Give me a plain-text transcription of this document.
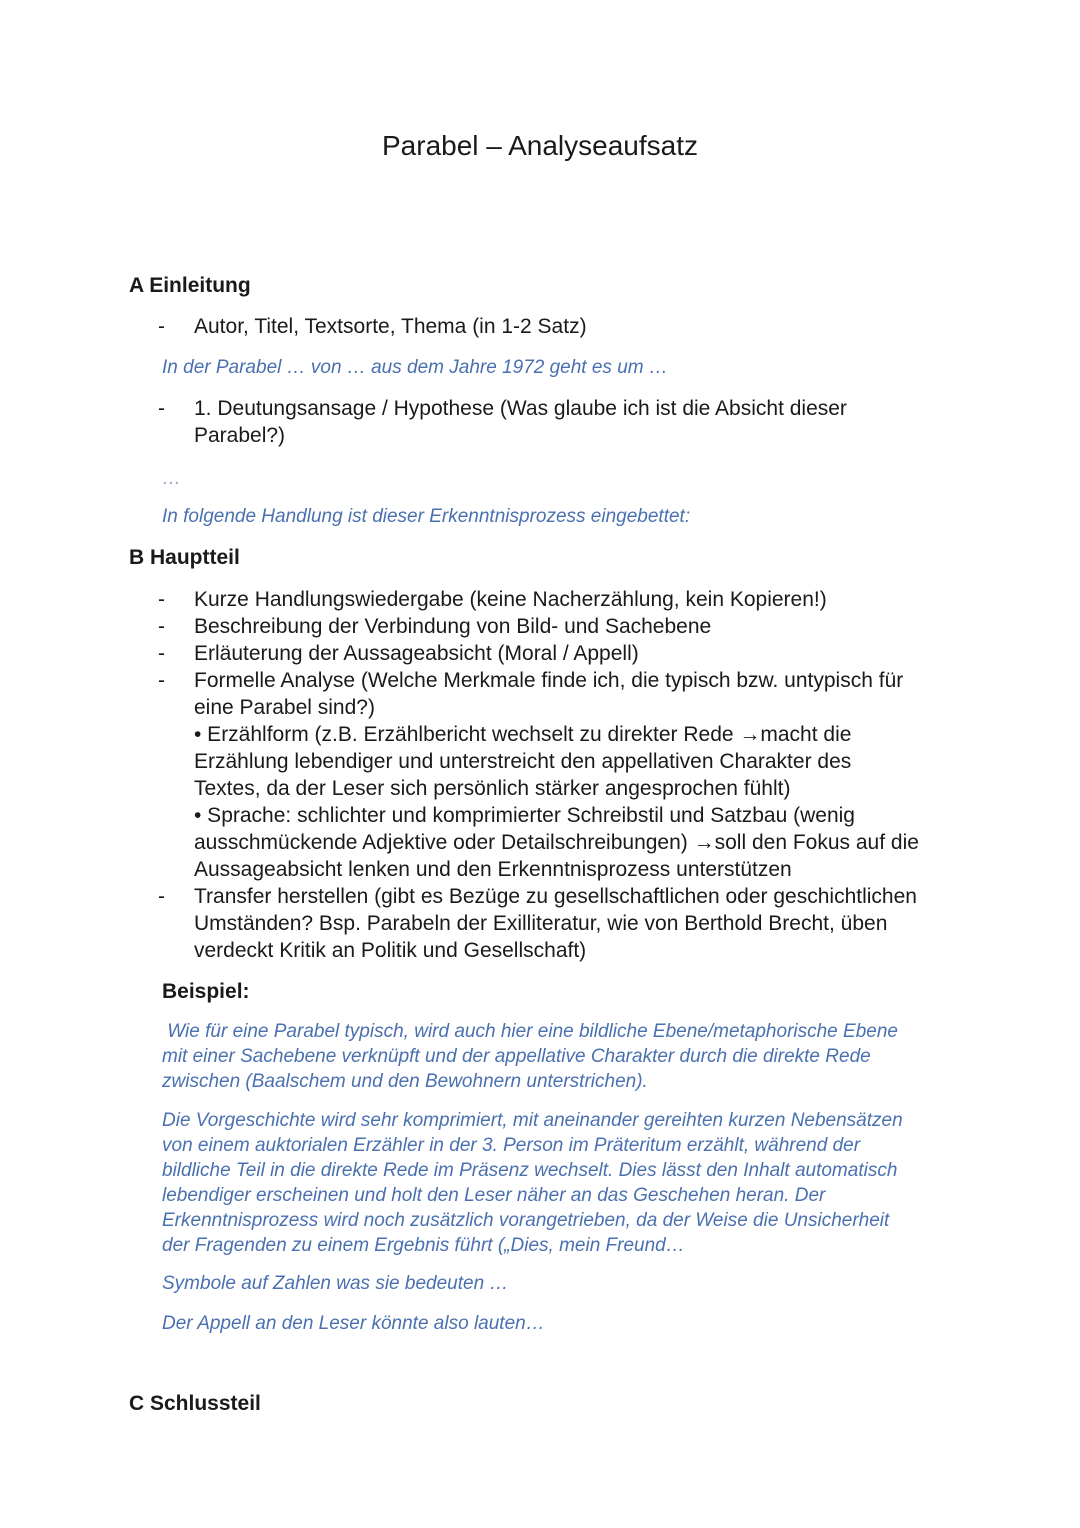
Parabel – Analyseaufsatz
A Einleitung
- Autor, Titel, Textsorte, Thema (in 1-2 Satz)
In der Parabel … von … aus dem Jahre 1972 geht es um …
- 1. Deutungsansage / Hypothese (Was glaube ich ist die Absicht dieser
Parabel?)
…
In folgende Handlung ist dieser Erkenntnisprozess eingebettet:
B Hauptteil
- Kurze Handlungswiedergabe (keine Nacherzählung, kein Kopieren!)
- Beschreibung der Verbindung von Bild- und Sachebene
- Erläuterung der Aussageabsicht (Moral / Appell)
- Formelle Analyse (Welche Merkmale finde ich, die typisch bzw. untypisch für
eine Parabel sind?)
• Erzählform (z.B. Erzählbericht wechselt zu direkter Rede →macht die
Erzählung lebendiger und unterstreicht den appellativen Charakter des
Textes, da der Leser sich persönlich stärker angesprochen fühlt)
• Sprache: schlichter und komprimierter Schreibstil und Satzbau (wenig
ausschmückende Adjektive oder Detailschreibungen) →soll den Fokus auf die
Aussageabsicht lenken und den Erkenntnisprozess unterstützen
- Transfer herstellen (gibt es Bezüge zu gesellschaftlichen oder geschichtlichen
Umständen? Bsp. Parabeln der Exilliteratur, wie von Berthold Brecht, üben
verdeckt Kritik an Politik und Gesellschaft)
Beispiel:
Wie für eine Parabel typisch, wird auch hier eine bildliche Ebene/metaphorische Ebene
mit einer Sachebene verknüpft und der appellative Charakter durch die direkte Rede
zwischen (Baalschem und den Bewohnern unterstrichen).
Die Vorgeschichte wird sehr komprimiert, mit aneinander gereihten kurzen Nebensätzen
von einem auktorialen Erzähler in der 3. Person im Präteritum erzählt, während der
bildliche Teil in die direkte Rede im Präsenz wechselt. Dies lässt den Inhalt automatisch
lebendiger erscheinen und holt den Leser näher an das Geschehen heran. Der
Erkenntnisprozess wird noch zusätzlich vorangetrieben, da der Weise die Unsicherheit
der Fragenden zu einem Ergebnis führt („Dies, mein Freund…
Symbole auf Zahlen was sie bedeuten …
Der Appell an den Leser könnte also lauten…
C Schlussteil
